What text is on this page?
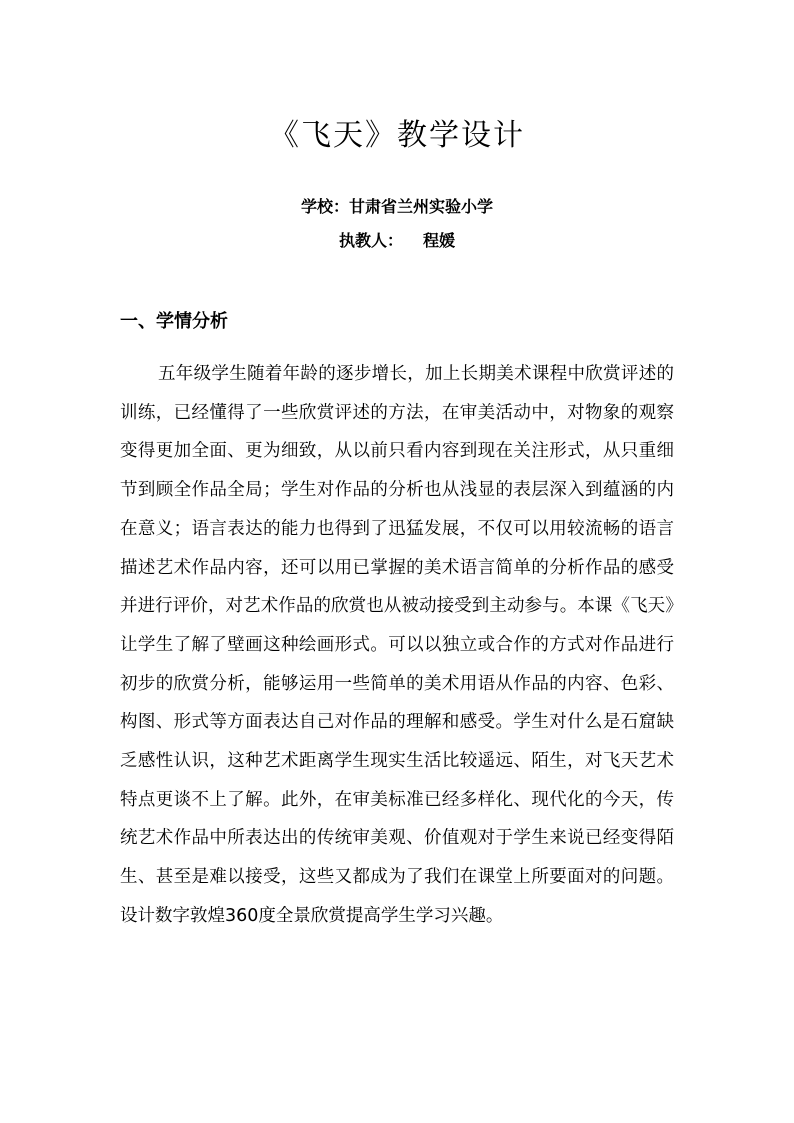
《飞天》教学设计
学校：甘肃省兰州实验小学
执教人： 程媛
一、学情分析

五年级学生随着年龄的逐步增长，加上长期美术课程中欣赏评述的训练，已经懂得了一些欣赏评述的方法，在审美活动中，对物象的观察变得更加全面、更为细致，从以前只看内容到现在关注形式，从只重细节到顾全作品全局；学生对作品的分析也从浅显的表层深入到蕴涵的内在意义；语言表达的能力也得到了迅猛发展，不仅可以用较流畅的语言描述艺术作品内容，还可以用已掌握的美术语言简单的分析作品的感受并进行评价，对艺术作品的欣赏也从被动接受到主动参与。本课《飞天》让学生了解了壁画这种绘画形式。可以以独立或合作的方式对作品进行初步的欣赏分析，能够运用一些简单的美术用语从作品的内容、色彩、构图、形式等方面表达自己对作品的理解和感受。学生对什么是石窟缺乏感性认识，这种艺术距离学生现实生活比较遥远、陌生，对飞天艺术特点更谈不上了解。此外，在审美标准已经多样化、现代化的今天，传统艺术作品中所表达出的传统审美观、价值观对于学生来说已经变得陌生、甚至是难以接受，这些又都成为了我们在课堂上所要面对的问题。设计数字敦煌360度全景欣赏提高学生学习兴趣。
